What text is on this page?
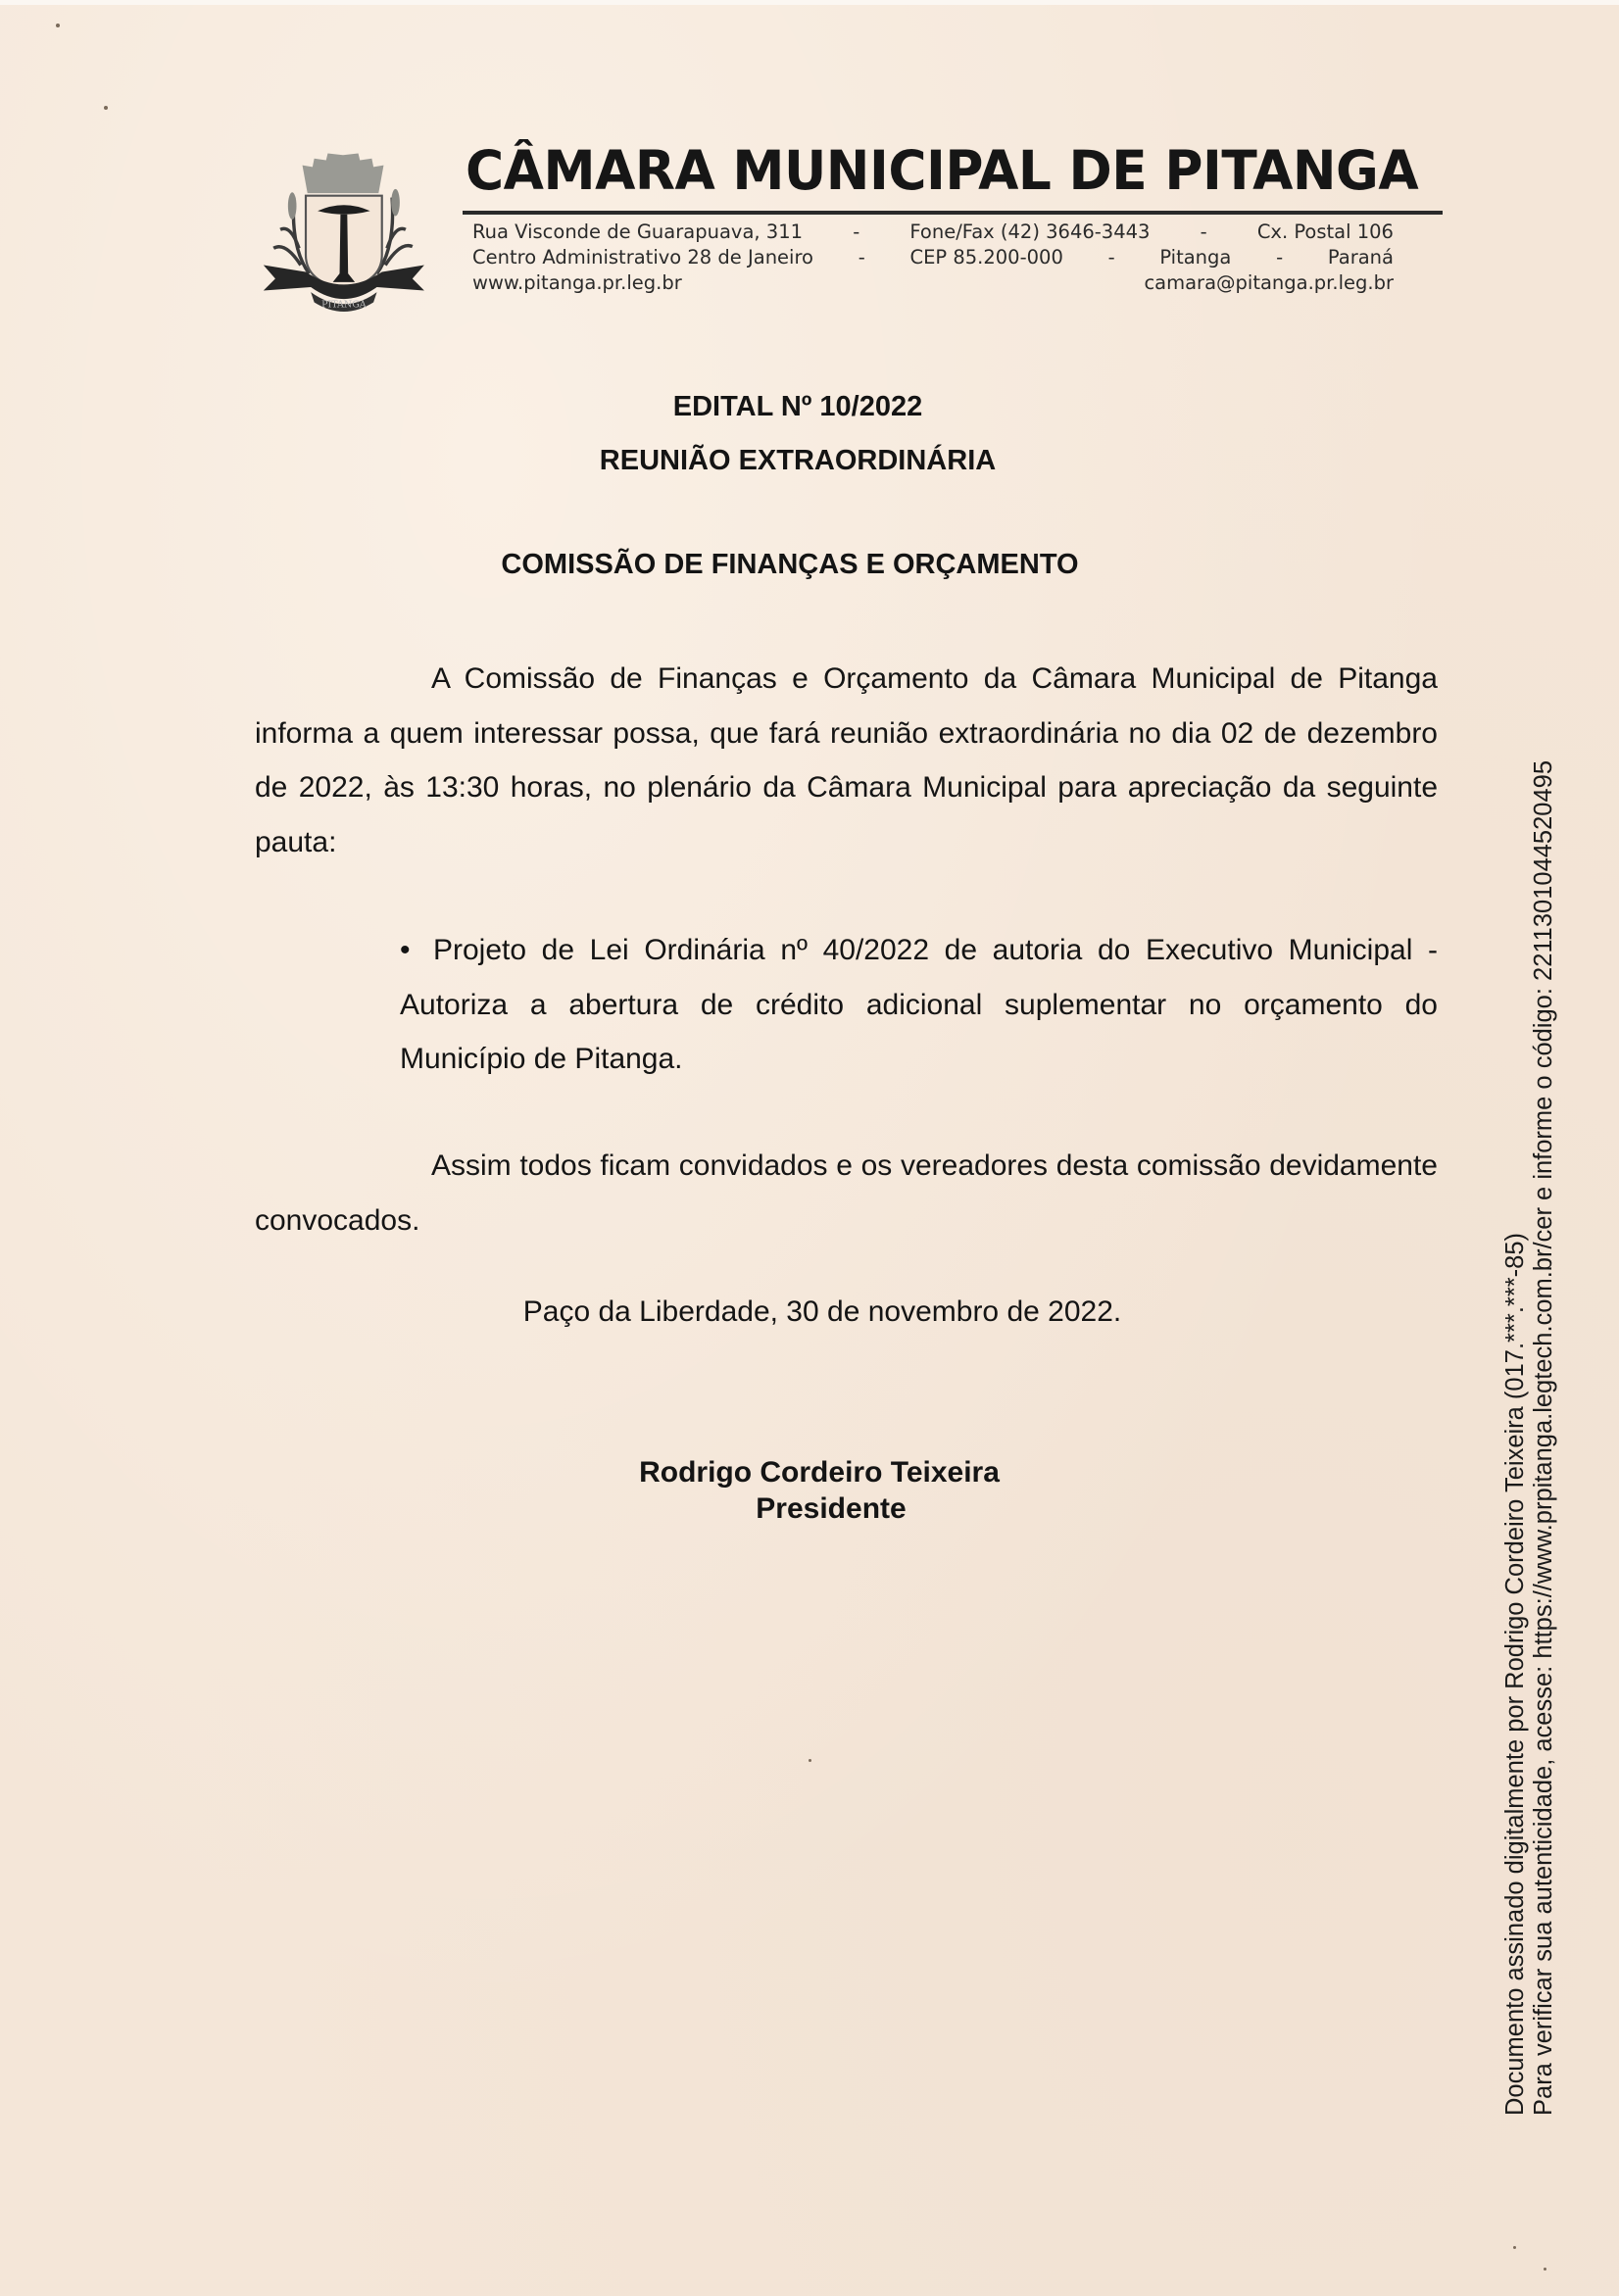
PITANGA
CÂMARA MUNICIPAL DE PITANGA
Rua Visconde de Guarapuava, 311	-	Fone/Fax (42) 3646-3443	-	Cx. Postal 106
Centro Administrativo 28 de Janeiro - CEP 85.200-000 - Pitanga - Paraná
www.pitanga.pr.leg.br	camara@pitanga.pr.leg.br
EDITAL Nº 10/2022
REUNIÃO EXTRAORDINÁRIA
COMISSÃO DE FINANÇAS E ORÇAMENTO

A Comissão de Finanças e Orçamento da Câmara Municipal de Pitanga informa a quem interessar possa, que fará reunião extraordinária no dia 02 de dezembro de 2022, às 13:30 horas, no plenário da Câmara Municipal para apreciação da seguinte pauta:

• Projeto de Lei Ordinária nº 40/2022 de autoria do Executivo Municipal - Autoriza a abertura de crédito adicional suplementar no orçamento do Município de Pitanga.

Assim todos ficam convidados e os vereadores desta comissão devidamente convocados.

Paço da Liberdade, 30 de novembro de 2022.
Rodrigo Cordeiro Teixeira
Presidente	Documento assinado digitalmente por Rodrigo Cordeiro Teixeira (017.***.***-85) Para verificar sua autenticidade, acesse: https://www.prpitanga.legtech.com.br/cer e informe o código: 2211301044520495
